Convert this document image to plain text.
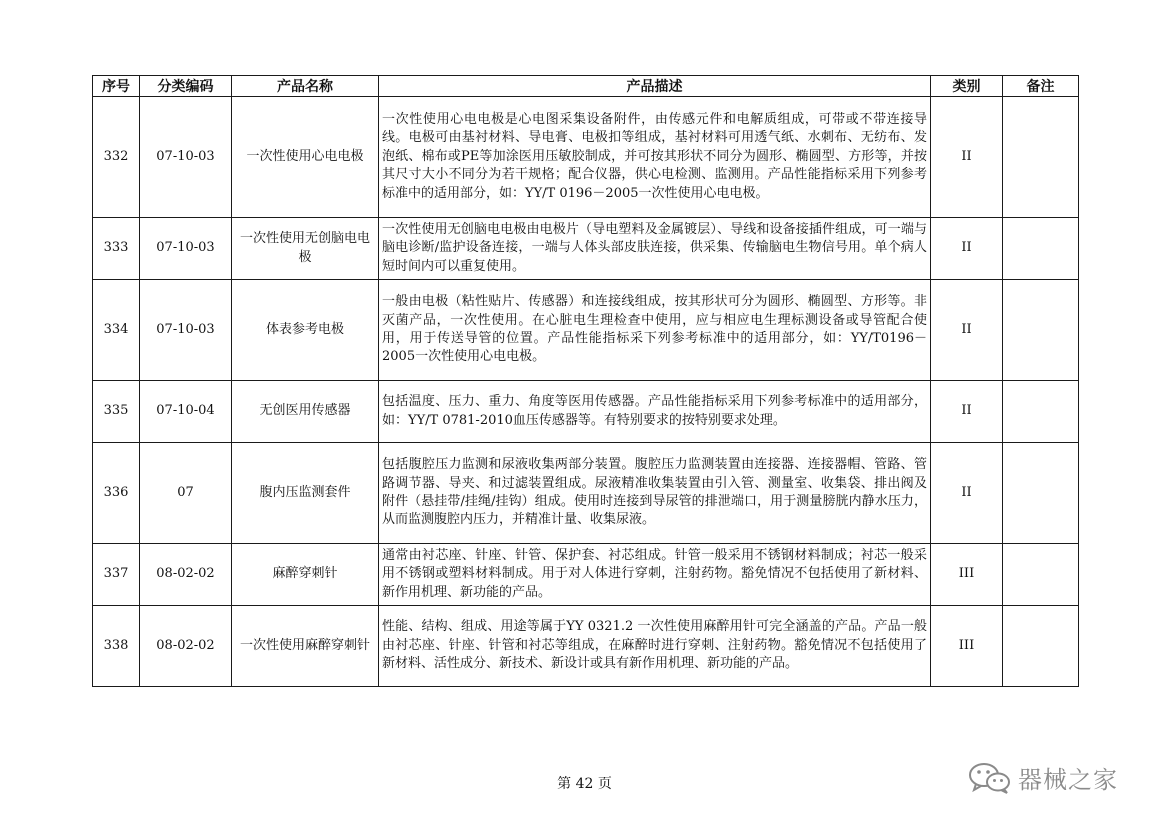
序号	分类编码	产品名称	产品描述	类别	备注
332	07-10-03	一次性使用心电电极	一次性使用心电电极是心电图采集设备附件，由传感元件和电解质组成，可带或不带连接导线。电极可由基衬材料、导电膏、电极扣等组成，基衬材料可用透气纸、水刺布、无纺布、发泡纸、棉布或PE等加涂医用压敏胶制成，并可按其形状不同分为圆形、椭圆型、方形等，并按其尺寸大小不同分为若干规格；配合仪器，供心电检测、监测用。产品性能指标采用下列参考标准中的适用部分，如：YY/T 0196－2005一次性使用心电电极。	II	
333	07-10-03	一次性使用无创脑电电极	一次性使用无创脑电电极由电极片（导电塑料及金属镀层）、导线和设备接插件组成，可一端与脑电诊断/监护设备连接，一端与人体头部皮肤连接，供采集、传输脑电生物信号用。单个病人短时间内可以重复使用。	II	
334	07-10-03	体表参考电极	一般由电极（粘性贴片、传感器）和连接线组成，按其形状可分为圆形、椭圆型、方形等。非灭菌产品，一次性使用。在心脏电生理检查中使用，应与相应电生理标测设备或导管配合使用，用于传送导管的位置。产品性能指标采下列参考标准中的适用部分，如：YY/T0196－2005一次性使用心电电极。	II	
335	07-10-04	无创医用传感器	包括温度、压力、重力、角度等医用传感器。产品性能指标采用下列参考标准中的适用部分，如：YY/T 0781-2010血压传感器等。有特别要求的按特别要求处理。	II	
336	07	腹内压监测套件	包括腹腔压力监测和尿液收集两部分装置。腹腔压力监测装置由连接器、连接器帽、管路、管路调节器、导夹、和过滤装置组成。尿液精准收集装置由引入管、测量室、收集袋、排出阀及附件（悬挂带/挂绳/挂钩）组成。使用时连接到导尿管的排泄端口，用于测量膀胱内静水压力，从而监测腹腔内压力，并精准计量、收集尿液。	II	
337	08-02-02	麻醉穿刺针	通常由衬芯座、针座、针管、保护套、衬芯组成。针管一般采用不锈钢材料制成；衬芯一般采用不锈钢或塑料材料制成。用于对人体进行穿刺，注射药物。豁免情况不包括使用了新材料、新作用机理、新功能的产品。	III	
338	08-02-02	一次性使用麻醉穿刺针	性能、结构、组成、用途等属于YY 0321.2 一次性使用麻醉用针可完全涵盖的产品。产品一般由衬芯座、针座、针管和衬芯等组成，在麻醉时进行穿刺、注射药物。豁免情况不包括使用了新材料、活性成分、新技术、新设计或具有新作用机理、新功能的产品。	III	
第 42 页	器械之家
